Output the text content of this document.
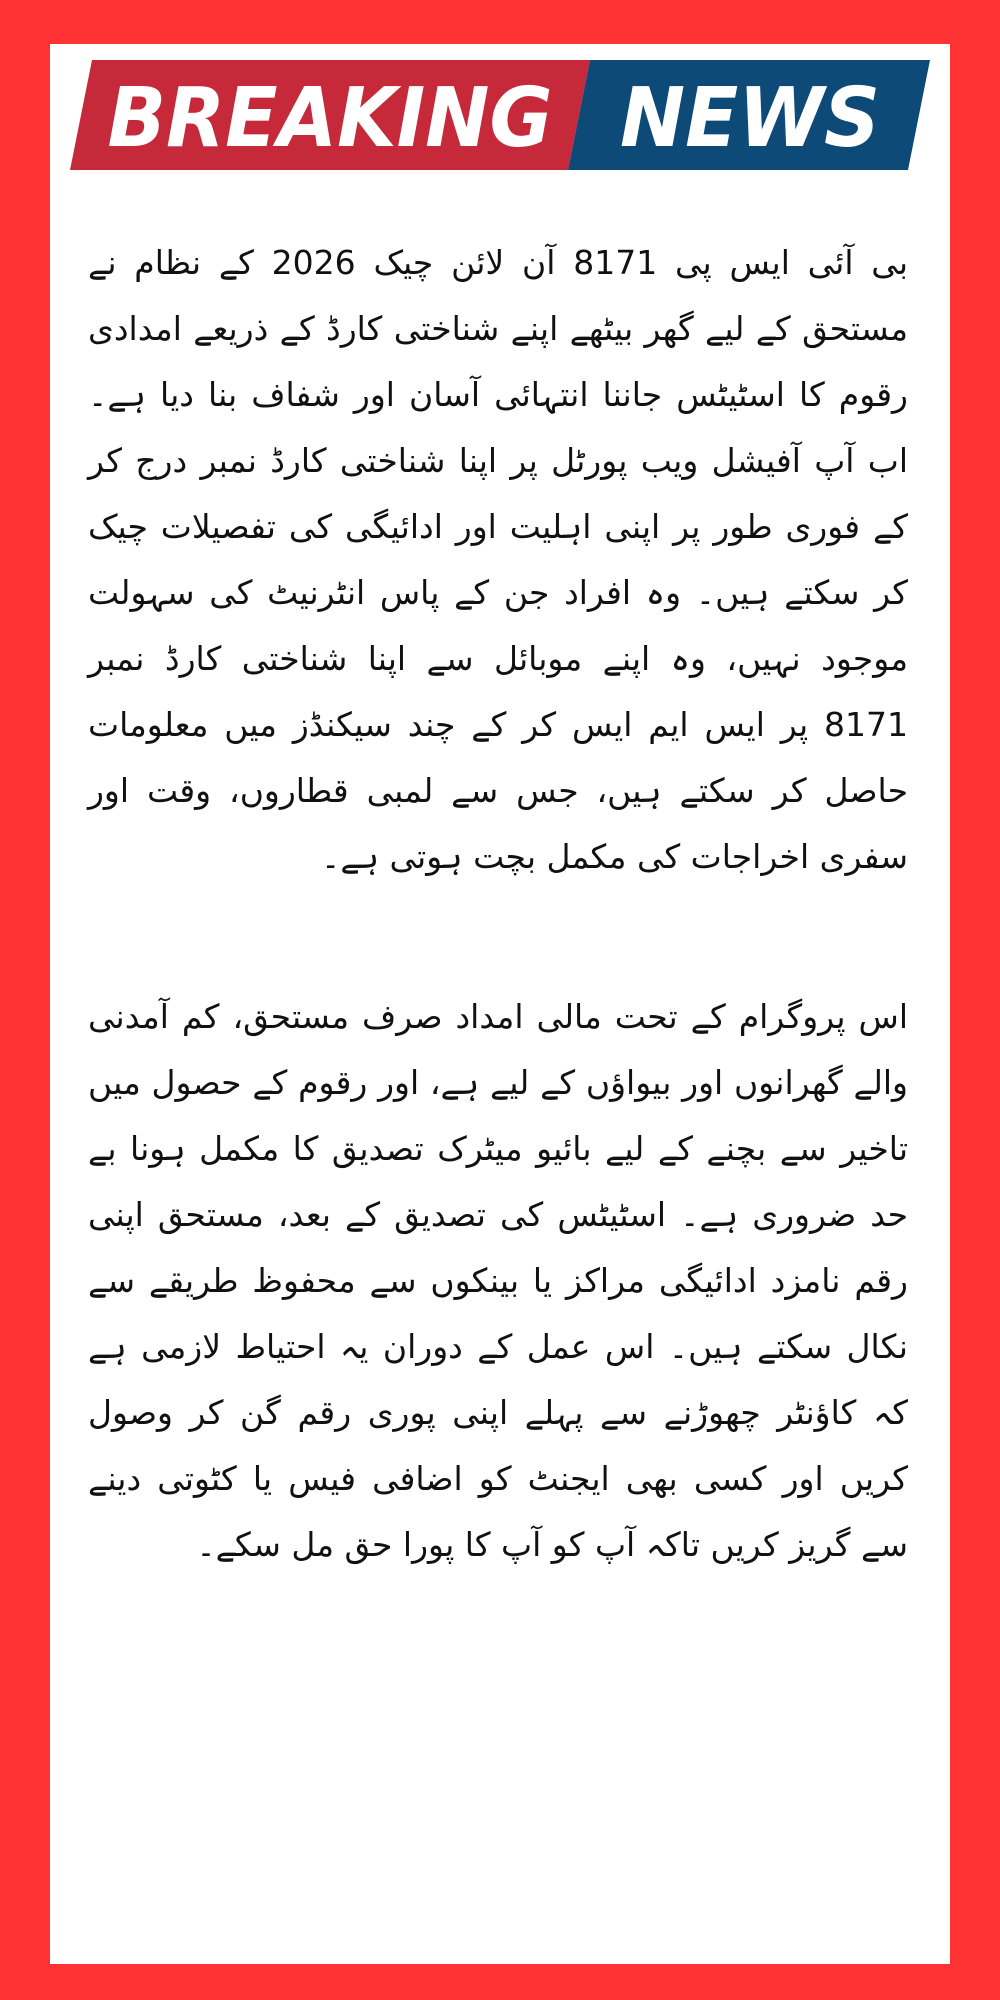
BREAKING NEWS

بی آئی ایس پی 8171 آن لائن چیک 2026 کے نظام نے مستحق کے لیے گھر بیٹھے اپنے شناختی کارڈ کے ذریعے امدادی رقوم کا اسٹیٹس جاننا انتہائی آسان اور شفاف بنا دیا ہے۔ اب آپ آفیشل ویب پورٹل پر اپنا شناختی کارڈ نمبر درج کر کے فوری طور پر اپنی اہلیت اور ادائیگی کی تفصیلات چیک کر سکتے ہیں۔ وہ افراد جن کے پاس انٹرنیٹ کی سہولت موجود نہیں، وہ اپنے موبائل سے اپنا شناختی کارڈ نمبر 8171 پر ایس ایم ایس کر کے چند سیکنڈز میں معلومات حاصل کر سکتے ہیں، جس سے لمبی قطاروں، وقت اور سفری اخراجات کی مکمل بچت ہوتی ہے۔

اس پروگرام کے تحت مالی امداد صرف مستحق، کم آمدنی والے گھرانوں اور بیواؤں کے لیے ہے، اور رقوم کے حصول میں تاخیر سے بچنے کے لیے بائیو میٹرک تصدیق کا مکمل ہونا بے حد ضروری ہے۔ اسٹیٹس کی تصدیق کے بعد، مستحق اپنی رقم نامزد ادائیگی مراکز یا بینکوں سے محفوظ طریقے سے نکال سکتے ہیں۔ اس عمل کے دوران یہ احتیاط لازمی ہے کہ کاؤنٹر چھوڑنے سے پہلے اپنی پوری رقم گن کر وصول کریں اور کسی بھی ایجنٹ کو اضافی فیس یا کٹوتی دینے سے گریز کریں تاکہ آپ کو آپ کا پورا حق مل سکے۔
